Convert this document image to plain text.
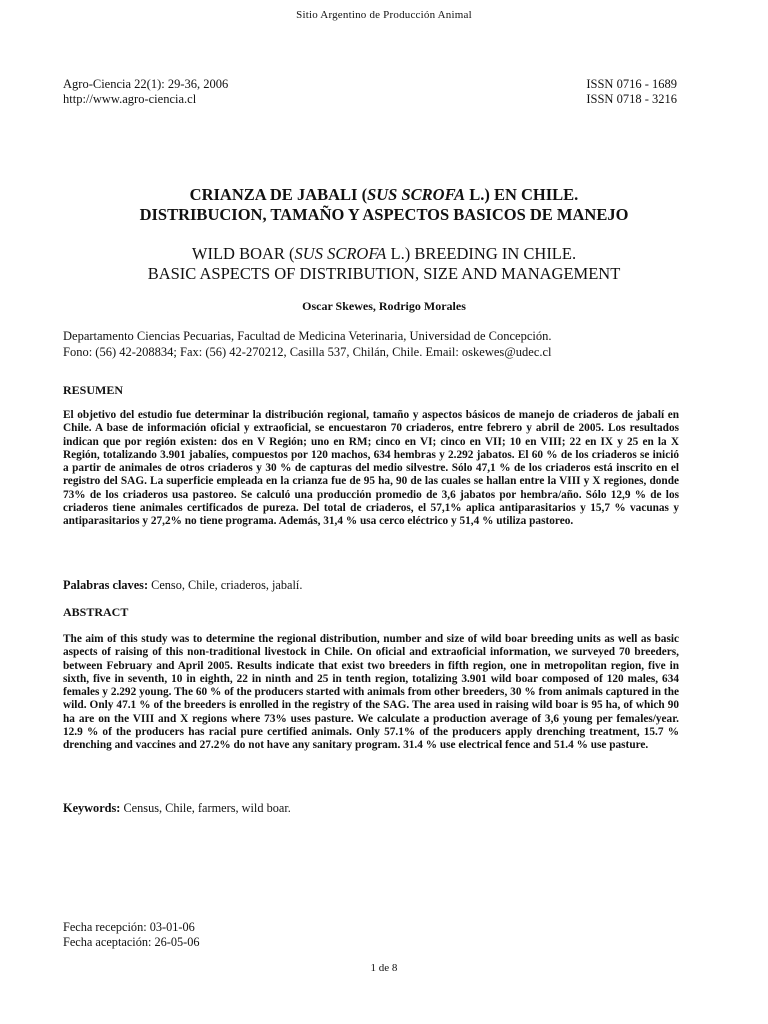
Sitio Argentino de Producción Animal
Agro-Ciencia 22(1): 29-36, 2006
http://www.agro-ciencia.cl
ISSN 0716 - 1689
ISSN 0718 - 3216
CRIANZA DE JABALI (SUS SCROFA L.) EN CHILE.
DISTRIBUCION, TAMAÑO Y ASPECTOS BASICOS DE MANEJO
WILD BOAR (SUS SCROFA L.) BREEDING IN CHILE.
BASIC ASPECTS OF DISTRIBUTION, SIZE AND MANAGEMENT
Oscar Skewes, Rodrigo Morales
Departamento Ciencias Pecuarias, Facultad de Medicina Veterinaria, Universidad de Concepción.
Fono: (56) 42-208834; Fax: (56) 42-270212, Casilla 537, Chilán, Chile. Email: oskewes@udec.cl
RESUMEN
El objetivo del estudio fue determinar la distribución regional, tamaño y aspectos básicos de manejo de criaderos de jabalí en Chile. A base de información oficial y extraoficial, se encuestaron 70 criaderos, entre febrero y abril de 2005. Los resultados indican que por región existen: dos en V Región; uno en RM; cinco en VI; cinco en VII; 10 en VIII; 22 en IX y 25 en la X Región, totalizando 3.901 jabalíes, compuestos por 120 machos, 634 hembras y 2.292 jabatos. El 60 % de los criaderos se inició a partir de animales de otros criaderos y 30 % de capturas del medio silvestre. Sólo 47,1 % de los criaderos está inscrito en el registro del SAG. La superficie empleada en la crianza fue de 95 ha, 90 de las cuales se hallan entre la VIII y X regiones, donde 73% de los criaderos usa pastoreo. Se calculó una producción promedio de 3,6 jabatos por hembra/año. Sólo 12,9 % de los criaderos tiene animales certificados de pureza. Del total de criaderos, el 57,1% aplica antiparasitarios y 15,7 % vacunas y antiparasitarios y 27,2% no tiene programa. Además, 31,4 % usa cerco eléctrico y 51,4 % utiliza pastoreo.
Palabras claves: Censo, Chile, criaderos, jabalí.
ABSTRACT
The aim of this study was to determine the regional distribution, number and size of wild boar breeding units as well as basic aspects of raising of this non-traditional livestock in Chile. On oficial and extraoficial information, we surveyed 70 breeders, between February and April 2005. Results indicate that exist two breeders in fifth region, one in metropolitan region, five in sixth, five in seventh, 10 in eighth, 22 in ninth and 25 in tenth region, totalizing 3.901 wild boar composed of 120 males, 634 females y 2.292 young. The 60 % of the producers started with animals from other breeders, 30 % from animals captured in the wild. Only 47.1 % of the breeders is enrolled in the registry of the SAG. The area used in raising wild boar is 95 ha, of which 90 ha are on the VIII and X regions where 73% uses pasture. We calculate a production average of 3,6 young per females/year. 12.9 % of the producers has racial pure certified animals. Only 57.1% of the producers apply drenching treatment, 15.7 % drenching and vaccines and 27.2% do not have any sanitary program. 31.4 % use electrical fence and 51.4 % use pasture.
Keywords: Census, Chile, farmers, wild boar.
Fecha recepción: 03-01-06
Fecha aceptación: 26-05-06
1 de 8
